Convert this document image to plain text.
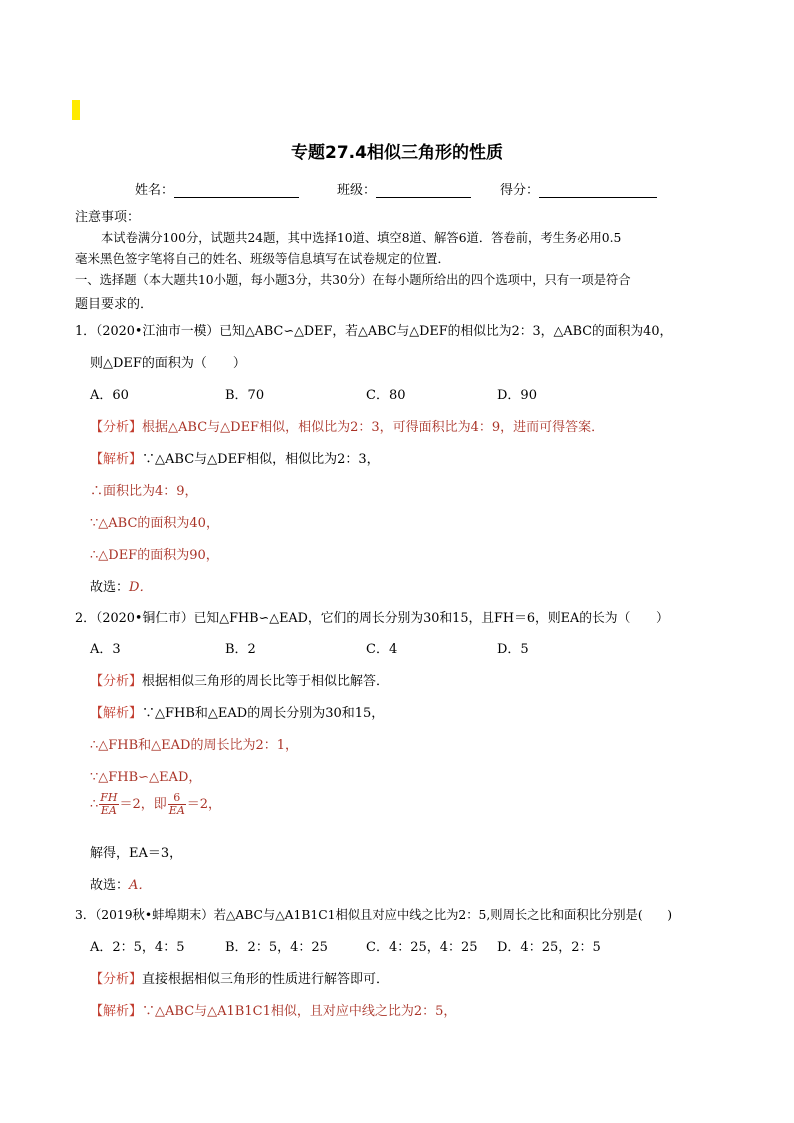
专题27.4相似三角形的性质
姓名：	班级：	得分：
注意事项：
本试卷满分100分，试题共24题，其中选择10道、填空8道、解答6道．答卷前，考生务必用0.5
毫米黑色签字笔将自己的姓名、班级等信息填写在试卷规定的位置．
一、选择题（本大题共10小题，每小题3分，共30分）在每小题所给出的四个选项中，只有一项是符合
题目要求的．
1．（2020•江油市一模）已知△ABC∽△DEF，若△ABC与△DEF的相似比为2：3，△ABC的面积为40，
则△DEF的面积为（　　）
A．60	B．70	C．80	D．90
【分析】根据△ABC与△DEF相似，相似比为2：3，可得面积比为4：9，进而可得答案．
【解析】∵△ABC与△DEF相似，相似比为2：3，
∴面积比为4：9，
∵△ABC的面积为40，
∴△DEF的面积为90，
故选：D．
2．（2020•铜仁市）已知△FHB∽△EAD，它们的周长分别为30和15，且FH＝6，则EA的长为（　　）
A．3	B．2	C．4	D．5
【分析】根据相似三角形的周长比等于相似比解答．
【解析】∵△FHB和△EAD的周长分别为30和15，
∴△FHB和△EAD的周长比为2：1，
∵△FHB∽△EAD，
∴ $\frac{FH}{EA} =2$，即 $\frac{6}{EA} =2$，
解得，EA＝3，
故选：A．
3．（2019秋•蚌埠期末）若△ABC与△A1B1C1相似且对应中线之比为2：5,则周长之比和面积比分别是(　　)
A．2：5，4：5	B．2：5，4：25	C．4：25，4：25 D．4：25，2：5
【分析】直接根据相似三角形的性质进行解答即可．
【解析】∵△ABC与△A1B1C1相似，且对应中线之比为2：5，
